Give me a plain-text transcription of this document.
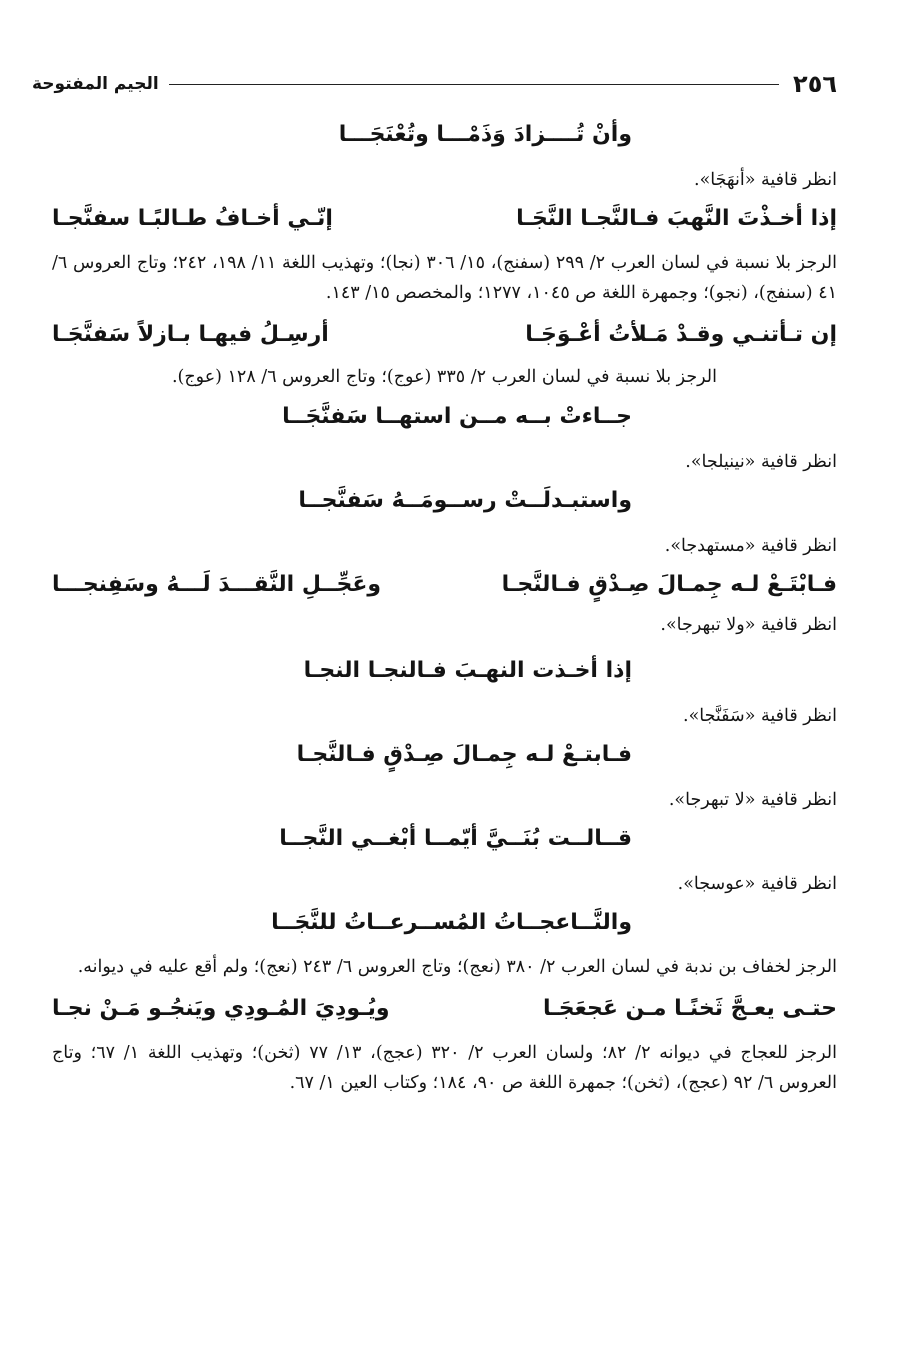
٢٥٦
الجيم المفتوحة
وأنْ تُــــزادَ وَذَمْـــا وتُعْنَجَـــا
انظر قافية «أنهَجَا».
إذا أخـذْتَ النَّهبَ فـالنَّجـا النَّجَـا
إنّـي أخـافُ طـالبًـا سفنَّجـا
الرجز بلا نسبة في لسان العرب ٢/ ٢٩٩ (سفنج)، ١٥/ ٣٠٦ (نجا)؛ وتهذيب اللغة ١١/ ١٩٨، ٢٤٢؛ وتاج العروس ٦/ ٤١ (سنفج)، (نجو)؛ وجمهرة اللغة ص ١٠٤٥، ١٢٧٧؛ والمخصص ١٥/ ١٤٣.
إن تـأتنـي وقـدْ مَـلأتُ أعْـوَجَـا
أرسِـلُ فيهـا بـازلاً سَفنَّجَـا
الرجز بلا نسبة في لسان العرب ٢/ ٣٣٥ (عوج)؛ وتاج العروس ٦/ ١٢٨ (عوج).
جــاءتْ بــه مــن استهــا سَفنَّجَــا
انظر قافية «نينيلجا».
واستبـدلَــتْ رســومَــهُ سَفنَّجــا
انظر قافية «مستهدجا».
فـابْتَـعْ لـه جِمـالَ صِـدْقٍ فـالنَّجـا
وعَجِّــلِ النَّقـــدَ لَـــهُ وسَفِنجـــا
انظر قافية «ولا تبهرجا».
إذا أخـذت النهـبَ فـالنجـا النجـا
انظر قافية «سَفَنَّجا».
فـابتـعْ لـه جِمـالَ صِـدْقٍ فـالنَّجـا
انظر قافية «لا تبهرجا».
قــالــت بُنَــيَّ أيّمــا أبْغــي النَّجــا
انظر قافية «عوسجا».
والنَّــاعجــاتُ المُســرعــاتُ للنَّجَــا
الرجز لخفاف بن ندبة في لسان العرب ٢/ ٣٨٠ (نعج)؛ وتاج العروس ٦/ ٢٤٣ (نعج)؛ ولم أقع عليه في ديوانه.
حتـى يعـجَّ ثَخنًـا مـن عَجعَجَـا
ويُـودِيَ المُـودِي ويَنجُـو مَـنْ نجـا
الرجز للعجاج في ديوانه ٢/ ٨٢؛ ولسان العرب ٢/ ٣٢٠ (عجج)، ١٣/ ٧٧ (ثخن)؛ وتهذيب اللغة ١/ ٦٧؛ وتاج العروس ٦/ ٩٢ (عجج)، (ثخن)؛ جمهرة اللغة ص ٩٠، ١٨٤؛ وكتاب العين ١/ ٦٧.
